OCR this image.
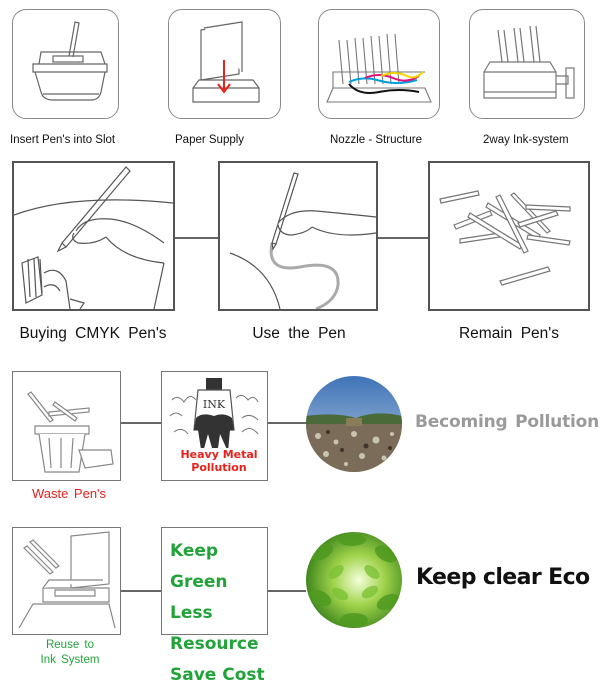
Insert Pen's into Slot	Paper Supply	Nozzle - Structure	2way Ink-system
Buying CMYK Pen's	Use the Pen	Remain Pen's
Waste Pen's
INK
Heavy Metal
Pollution
Becoming Pollution
Reuse to
Ink System
Keep Green
Less Resource
Save Cost
Keep clear Eco
